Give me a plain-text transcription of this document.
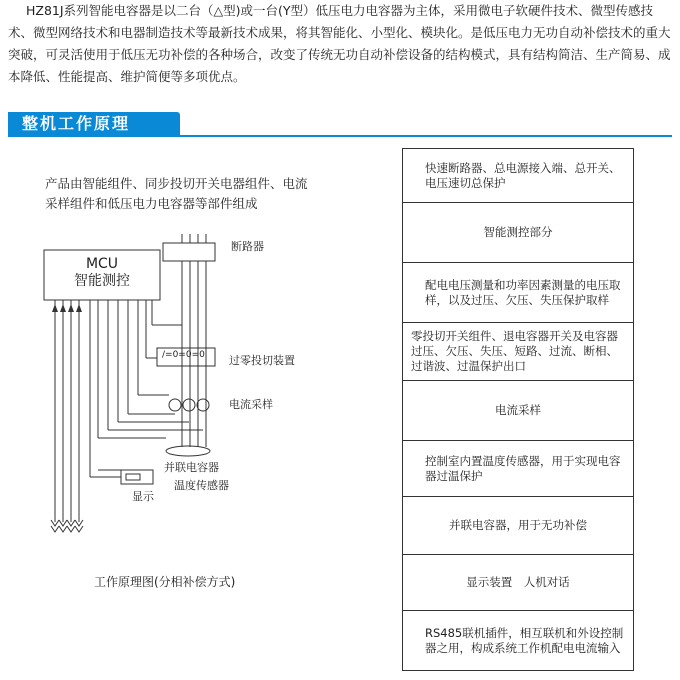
HZ81J系列智能电容器是以二台（△型)或一台(Y型）低压电力电容器为主体，采用微电子软硬件技术、微型传感技术、微型网络技术和电器制造技术等最新技术成果，将其智能化、小型化、模块化。是低压电力无功自动补偿技术的重大突破，可灵活使用于低压无功补偿的各种场合，改变了传统无功自动补偿设备的结构模式，具有结构简洁、生产简易、成本降低、性能提高、维护简便等多项优点。

整机工作原理

产品由智能组件、同步投切开关电器组件、电流采样组件和低压电力电容器等部件组成

MCU
智能测控
断路器
过零投切装置
/=0=0=0
电流采样
并联电容器
温度传感器
显示
工作原理图(分相补偿方式)
快速断路器、总电源接入端、总开关、电压速切总保护
智能测控部分
配电电压测量和功率因素测量的电压取样，以及过压、欠压、失压保护取样
零投切开关组件、退电容器开关及电容器过压、欠压、失压、短路、过流、断相、过谐波、过温保护出口
电流采样
控制室内置温度传感器，用于实现电容器过温保护
并联电容器，用于无功补偿
显示装置　人机对话
RS485联机插件，相互联机和外设控制器之用，构成系统工作机配电电流输入
